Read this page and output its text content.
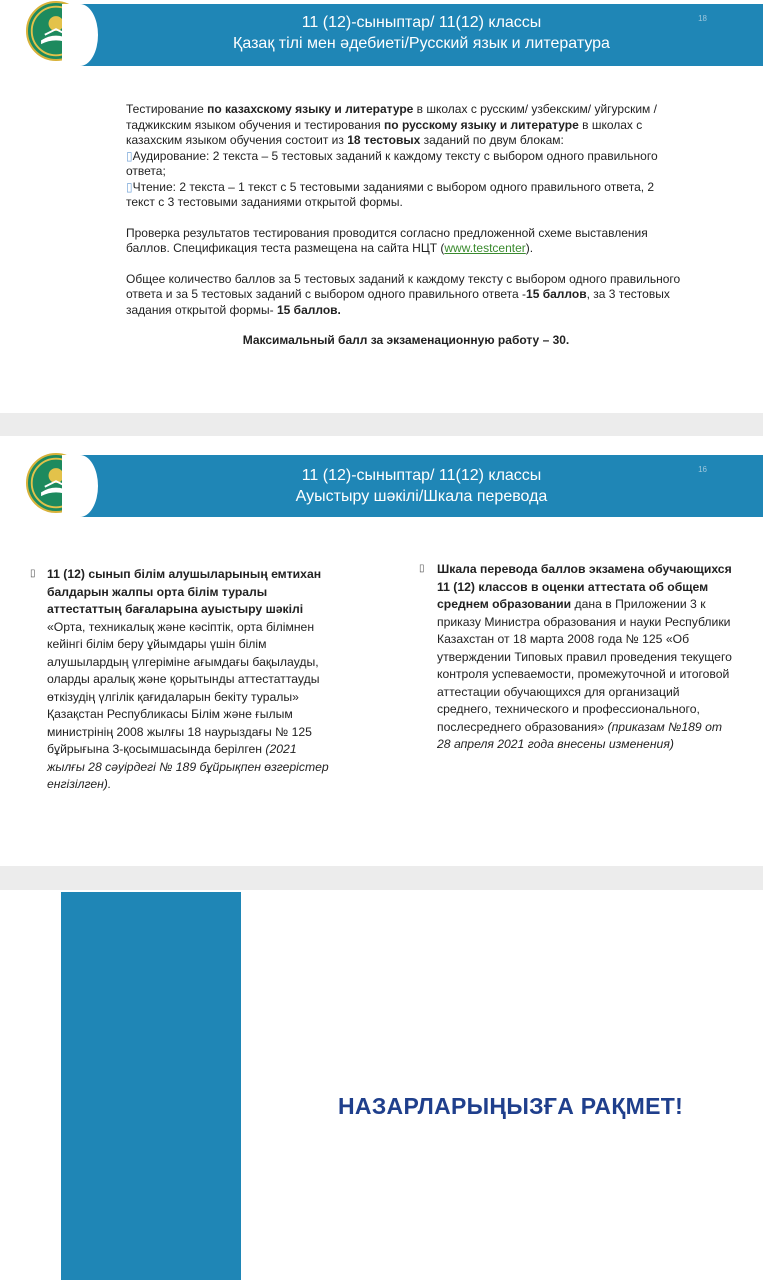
11 (12)-сыныптар/ 11(12) классы
Қазақ тілі мен әдебиеті/Русский язык и литература
18

Тестирование по казахскому языку и литературе в школах с русским/ узбекским/ уйгурским / таджикским языком обучения и тестирования по русскому языку и литературе в школах с казахским языком обучения состоит из 18 тестовых заданий по двум блокам:

▯Аудирование: 2 текста – 5 тестовых заданий к каждому тексту с выбором одного правильного ответа;

▯Чтение: 2 текста – 1 текст с 5 тестовыми заданиями с выбором одного правильного ответа, 2 текст с 3 тестовыми заданиями открытой формы.

Проверка результатов тестирования проводится согласно предложенной схеме выставления баллов. Спецификация теста размещена на сайта НЦТ (www.testcenter).

Общее количество баллов за 5 тестовых заданий к каждому тексту с выбором одного правильного ответа и за 5 тестовых заданий с выбором одного правильного ответа -15 баллов, за 3 тестовых задания открытой формы- 15 баллов.

Максимальный балл за экзаменационную работу – 30.

11 (12)-сыныптар/ 11(12) классы
Ауыстыру шәкілі/Шкала перевода
16
▯ 11 (12) сынып білім алушыларының емтихан балдарын жалпы орта білім туралы аттестаттың бағаларына ауыстыру шәкілі «Орта, техникалық және кәсіптік, орта білімнен кейінгі білім беру ұйымдары үшін білім алушылардың үлгеріміне ағымдағы бақылауды, оларды аралық және қорытынды аттестаттауды өткізудің үлгілік қағидаларын бекіту туралы» Қазақстан Республикасы Білім және ғылым министрінің 2008 жылғы 18 наурыздағы № 125 бұйрығына 3-қосымшасында берілген (2021 жылғы 28 сәуірдегі № 189 бұйрықпен өзгерістер енгізілген).
▯ Шкала перевода баллов экзамена обучающихся 11 (12) классов в оценки аттестата об общем среднем образовании дана в Приложении 3 к приказу Министра образования и науки Республики Казахстан от 18 марта 2008 года № 125 «Об утверждении Типовых правил проведения текущего контроля успеваемости, промежуточной и итоговой аттестации обучающихся для организаций среднего, технического и профессионального, послесреднего образования» (приказам №189 от 28 апреля 2021 года внесены изменения)
НАЗАРЛАРЫҢЫЗҒА РАҚМЕТ!
